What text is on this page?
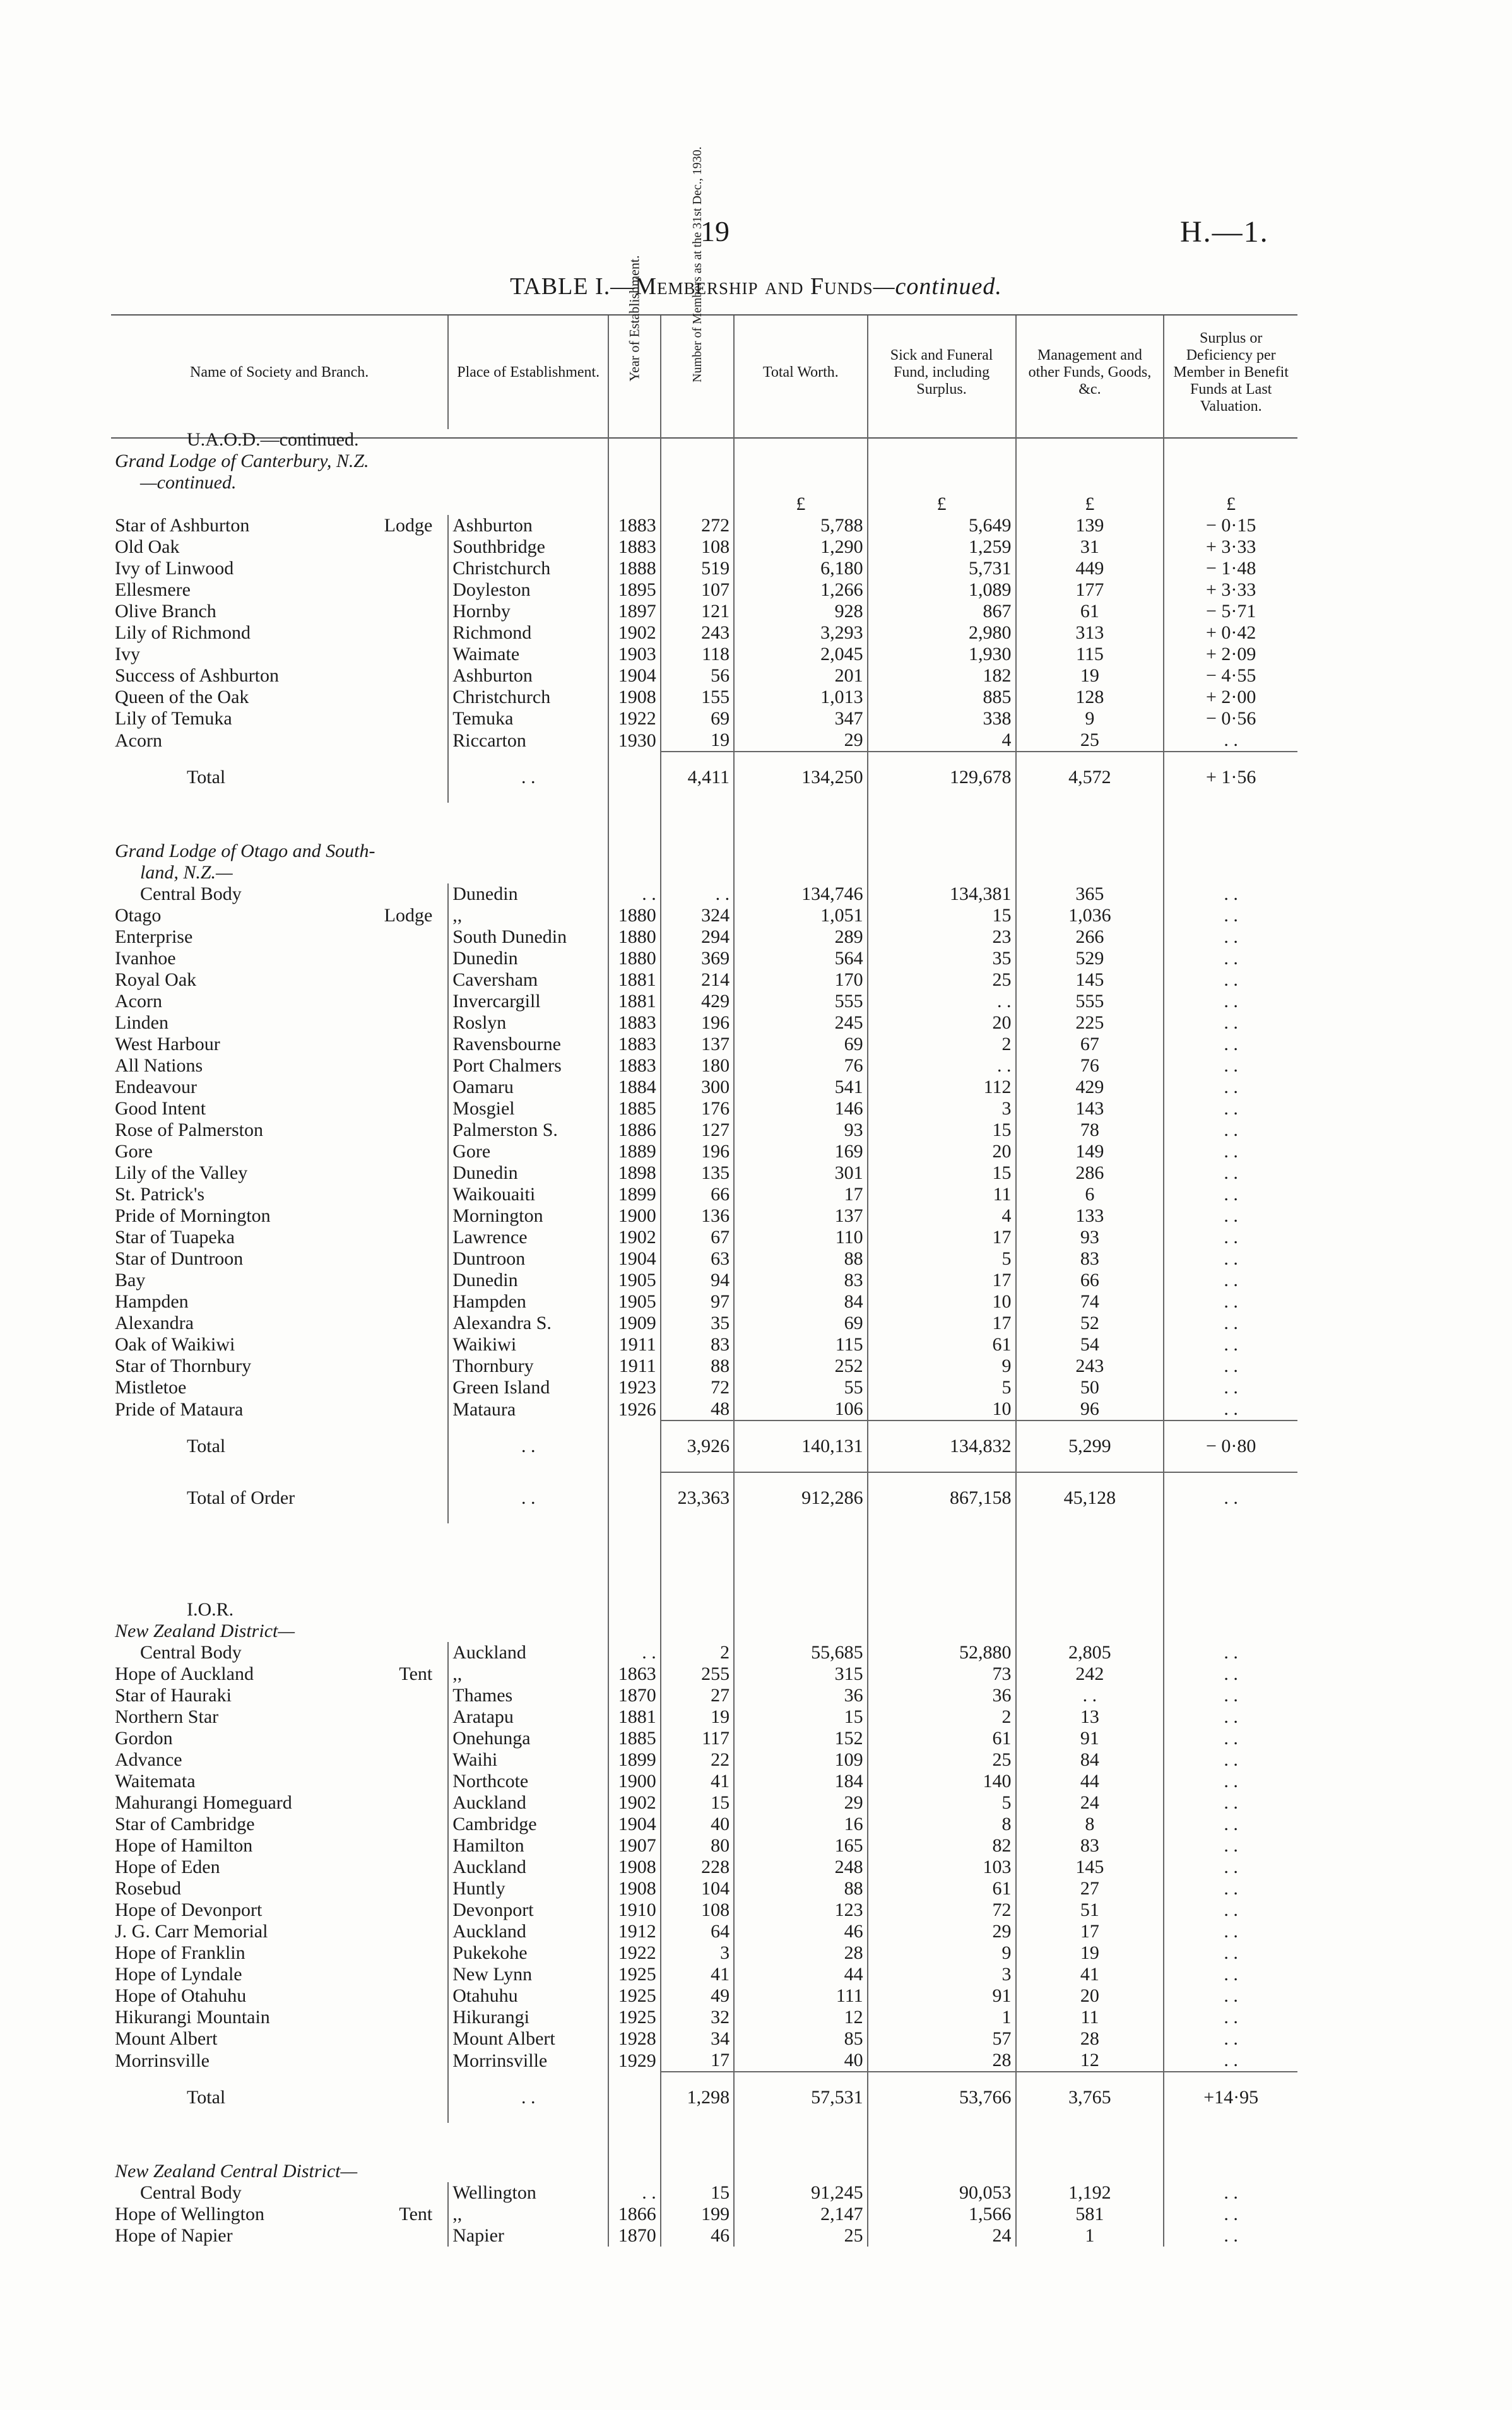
19	H.—1.
TABLE I.—Membership and Funds—continued.
Name of Society and Branch.	Place of Establishment.	Year of Establishment.	Number of Members as at the 31st Dec., 1930.	Total Worth.	Sick and Funeral Fund, including Surplus.	Management and other Funds, Goods, &c.	Surplus or Deficiency per Member in Benefit Funds at Last Valuation.
U.A.O.D.—continued.							
Grand Lodge of Canterbury, N.Z.							
—continued.							
				£	£	£	£
Star of Ashburton Lodge	Ashburton	1883	272	5,788	5,649	139	− 0·15
Old Oak	Southbridge	1883	108	1,290	1,259	31	+ 3·33
Ivy of Linwood	Christchurch	1888	519	6,180	5,731	449	− 1·48
Ellesmere	Doyleston	1895	107	1,266	1,089	177	+ 3·33
Olive Branch	Hornby	1897	121	928	867	61	− 5·71
Lily of Richmond	Richmond	1902	243	3,293	2,980	313	+ 0·42
Ivy	Waimate	1903	118	2,045	1,930	115	+ 2·09
Success of Ashburton	Ashburton	1904	56	201	182	19	− 4·55
Queen of the Oak	Christchurch	1908	155	1,013	885	128	+ 2·00
Lily of Temuka	Temuka	1922	69	347	338	9	− 0·56
Acorn	Riccarton	1930	19	29	4	25	. .
Total	. .		4,411	134,250	129,678	4,572	+ 1·56

Grand Lodge of Otago and South-							
land, N.Z.—							
Central Body	Dunedin	. .	. .	134,746	134,381	365	. .
Otago Lodge	,,	1880	324	1,051	15	1,036	. .
Enterprise	South Dunedin	1880	294	289	23	266	. .
Ivanhoe	Dunedin	1880	369	564	35	529	. .
Royal Oak	Caversham	1881	214	170	25	145	. .
Acorn	Invercargill	1881	429	555	. .	555	. .
Linden	Roslyn	1883	196	245	20	225	. .
West Harbour	Ravensbourne	1883	137	69	2	67	. .
All Nations	Port Chalmers	1883	180	76	. .	76	. .
Endeavour	Oamaru	1884	300	541	112	429	. .
Good Intent	Mosgiel	1885	176	146	3	143	. .
Rose of Palmerston	Palmerston S.	1886	127	93	15	78	. .
Gore	Gore	1889	196	169	20	149	. .
Lily of the Valley	Dunedin	1898	135	301	15	286	. .
St. Patrick's	Waikouaiti	1899	66	17	11	6	. .
Pride of Mornington	Mornington	1900	136	137	4	133	. .
Star of Tuapeka	Lawrence	1902	67	110	17	93	. .
Star of Duntroon	Duntroon	1904	63	88	5	83	. .
Bay	Dunedin	1905	94	83	17	66	. .
Hampden	Hampden	1905	97	84	10	74	. .
Alexandra	Alexandra S.	1909	35	69	17	52	. .
Oak of Waikiwi	Waikiwi	1911	83	115	61	54	. .
Star of Thornbury	Thornbury	1911	88	252	9	243	. .
Mistletoe	Green Island	1923	72	55	5	50	. .
Pride of Mataura	Mataura	1926	48	106	10	96	. .
Total	. .		3,926	140,131	134,832	5,299	− 0·80
Total of Order	. .		23,363	912,286	867,158	45,128	. .

I.O.R.							
New Zealand District—							
Central Body	Auckland	. .	2	55,685	52,880	2,805	. .
Hope of Auckland Tent	,,	1863	255	315	73	242	. .
Star of Hauraki	Thames	1870	27	36	36	. .	. .
Northern Star	Aratapu	1881	19	15	2	13	. .
Gordon	Onehunga	1885	117	152	61	91	. .
Advance	Waihi	1899	22	109	25	84	. .
Waitemata	Northcote	1900	41	184	140	44	. .
Mahurangi Homeguard	Auckland	1902	15	29	5	24	. .
Star of Cambridge	Cambridge	1904	40	16	8	8	. .
Hope of Hamilton	Hamilton	1907	80	165	82	83	. .
Hope of Eden	Auckland	1908	228	248	103	145	. .
Rosebud	Huntly	1908	104	88	61	27	. .
Hope of Devonport	Devonport	1910	108	123	72	51	. .
J. G. Carr Memorial	Auckland	1912	64	46	29	17	. .
Hope of Franklin	Pukekohe	1922	3	28	9	19	. .
Hope of Lyndale	New Lynn	1925	41	44	3	41	. .
Hope of Otahuhu	Otahuhu	1925	49	111	91	20	. .
Hikurangi Mountain	Hikurangi	1925	32	12	1	11	. .
Mount Albert	Mount Albert	1928	34	85	57	28	. .
Morrinsville	Morrinsville	1929	17	40	28	12	. .
Total	. .		1,298	57,531	53,766	3,765	+14·95

New Zealand Central District—							
Central Body	Wellington	. .	15	91,245	90,053	1,192	. .
Hope of Wellington Tent	,,	1866	199	2,147	1,566	581	. .
Hope of Napier	Napier	1870	46	25	24	1	. .
